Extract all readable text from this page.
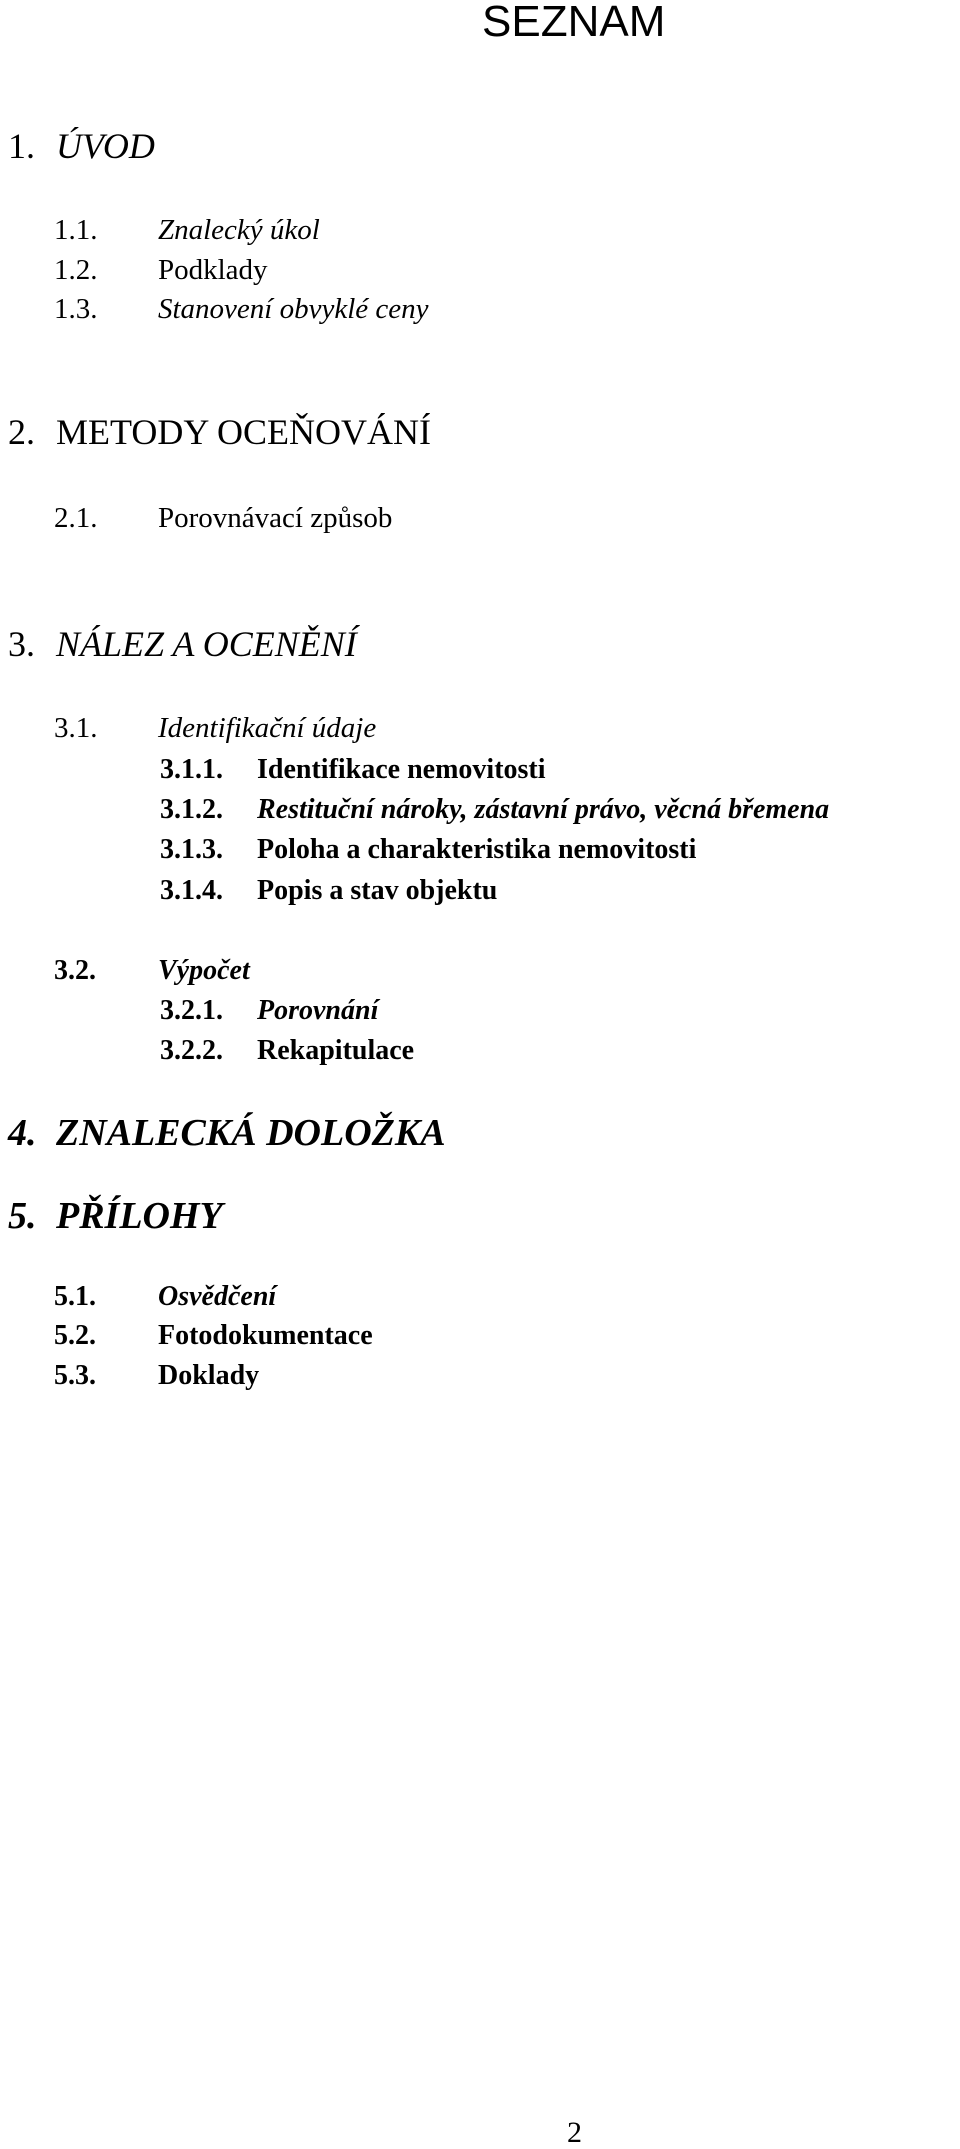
SEZNAM
1. ÚVOD
1.1. Znalecký úkol
1.2. Podklady
1.3. Stanovení obvyklé ceny
2. METODY OCEŇOVÁNÍ
2.1. Porovnávací způsob
3. NÁLEZ A OCENĚNÍ
3.1. Identifikační údaje
3.1.1. Identifikace nemovitosti
3.1.2. Restituční nároky, zástavní právo, věcná břemena
3.1.3. Poloha a charakteristika nemovitosti
3.1.4. Popis a stav objektu
3.2. Výpočet
3.2.1. Porovnání
3.2.2. Rekapitulace
4. ZNALECKÁ DOLOŽKA
5. PŘÍLOHY
5.1. Osvědčení
5.2. Fotodokumentace
5.3. Doklady
2
